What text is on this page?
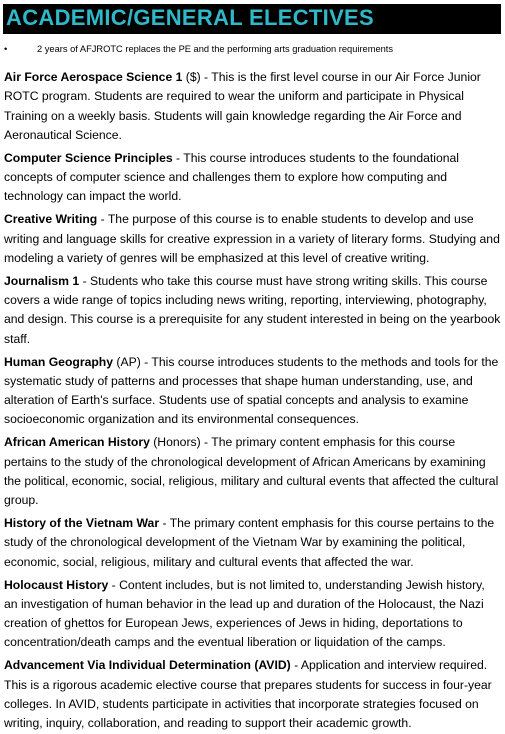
ACADEMIC/GENERAL ELECTIVES
•	2 years of AFJROTC replaces the PE and the performing arts graduation requirements

Air Force Aerospace Science 1 ($) - This is the first level course in our Air Force Junior ROTC program. Students are required to wear the uniform and participate in Physical Training on a weekly basis. Students will gain knowledge regarding the Air Force and Aeronautical Science.

Computer Science Principles - This course introduces students to the foundational concepts of computer science and challenges them to explore how computing and technology can impact the world.

Creative Writing - The purpose of this course is to enable students to develop and use writing and language skills for creative expression in a variety of literary forms. Studying and modeling a variety of genres will be emphasized at this level of creative writing.

Journalism 1 - Students who take this course must have strong writing skills. This course covers a wide range of topics including news writing, reporting, interviewing, photography, and design. This course is a prerequisite for any student interested in being on the yearbook staff.

Human Geography (AP) - This course introduces students to the methods and tools for the systematic study of patterns and processes that shape human understanding, use, and alteration of Earth's surface. Students use of spatial concepts and analysis to examine socioeconomic organization and its environmental consequences.

African American History (Honors) - The primary content emphasis for this course pertains to the study of the chronological development of African Americans by examining the political, economic, social, religious, military and cultural events that affected the cultural group.

History of the Vietnam War - The primary content emphasis for this course pertains to the study of the chronological development of the Vietnam War by examining the political, economic, social, religious, military and cultural events that affected the war.

Holocaust History - Content includes, but is not limited to, understanding Jewish history, an investigation of human behavior in the lead up and duration of the Holocaust, the Nazi creation of ghettos for European Jews, experiences of Jews in hiding, deportations to concentration/death camps and the eventual liberation or liquidation of the camps.

Advancement Via Individual Determination (AVID) - Application and interview required. This is a rigorous academic elective course that prepares students for success in four-year colleges. In AVID, students participate in activities that incorporate strategies focused on writing, inquiry, collaboration, and reading to support their academic growth.
